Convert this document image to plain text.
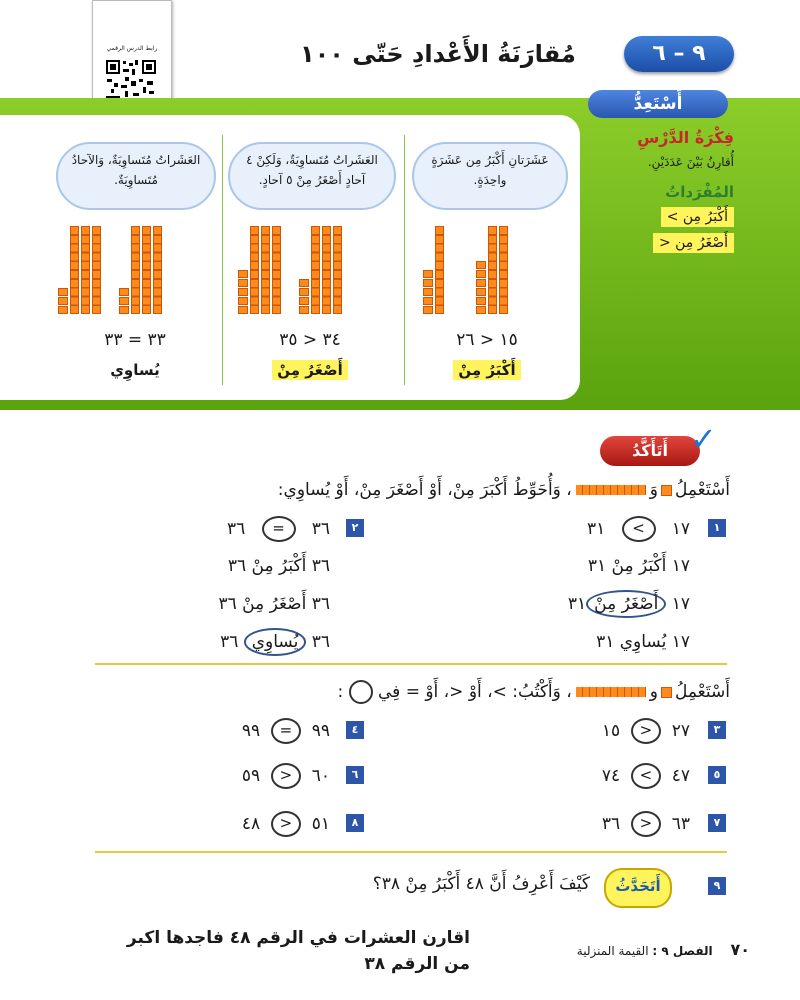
رابط الدرس الرقمي	مُقارَنَةُ الأَعْدادِ حَتّى ١٠٠	٩ – ٦
أَسْتَعِدُّ
فِكْرَةُ الدَّرْسِ
أُقارِنُ بَيْنَ عَدَدَيْنِ.
المُفْرَداتُ
أَكْبَرُ مِن >
أَصْغَرُ مِن <
عَشَرَتانِ أَكْبَرُ مِن عَشَرَةٍ واحِدَةٍ.
١٥ < ٢٦
أَكْبَرُ مِنْ
العَشَراتُ مُتَساوِيَةٌ، وَلَكِنْ ٤ آحادٍ أَصْغَرُ مِنْ ٥ آحادٍ.
٣٤ < ٣٥
أَصْغَرُ مِنْ
العَشَراتُ مُتَساوِيَةٌ، وَالآحادُ مُتَساوِيَةٌ.
٣٣ = ٣٣
يُساوِي
أَتَأَكَّدُ ✓
أَسْتَعْمِلُوَ، وَأُحَوِّطُ أَكْبَرَ مِنْ، أَوْ أَصْغَرَ مِنْ، أَوْ يُساوِي:
١
١٧   >   ٣١
١٧ أَكْبَرُ مِنْ ٣١
١٧ أَصْغَرُ مِنْ٣١
١٧ يُساوِي ٣١
٢
٣٦   =   ٣٦
٣٦ أَكْبَرُ مِنْ ٣٦
٣٦ أَصْغَرُ مِنْ ٣٦
٣٦ يُساوِي ٣٦
أَسْتَعْمِلُو، وَأَكْتُبُ: >، أَوْ <، أَوْ = فِي  :
٣
٢٧  <  ١٥
٤
٩٩  =  ٩٩
٥
٤٧  >  ٧٤
٦
٦٠  <  ٥٩
٧
٦٣  <  ٣٦
٨
٥١  <  ٤٨
٩
أَتَحَدَّثُ
كَيْفَ أَعْرِفُ أَنَّ ٤٨ أَكْبَرُ مِنْ ٣٨؟
اقارن العشرات في الرقم ٤٨ فاجدها اكبر من الرقم ٣٨
٧٠ الفصل ٩ : القيمة المنزلية
